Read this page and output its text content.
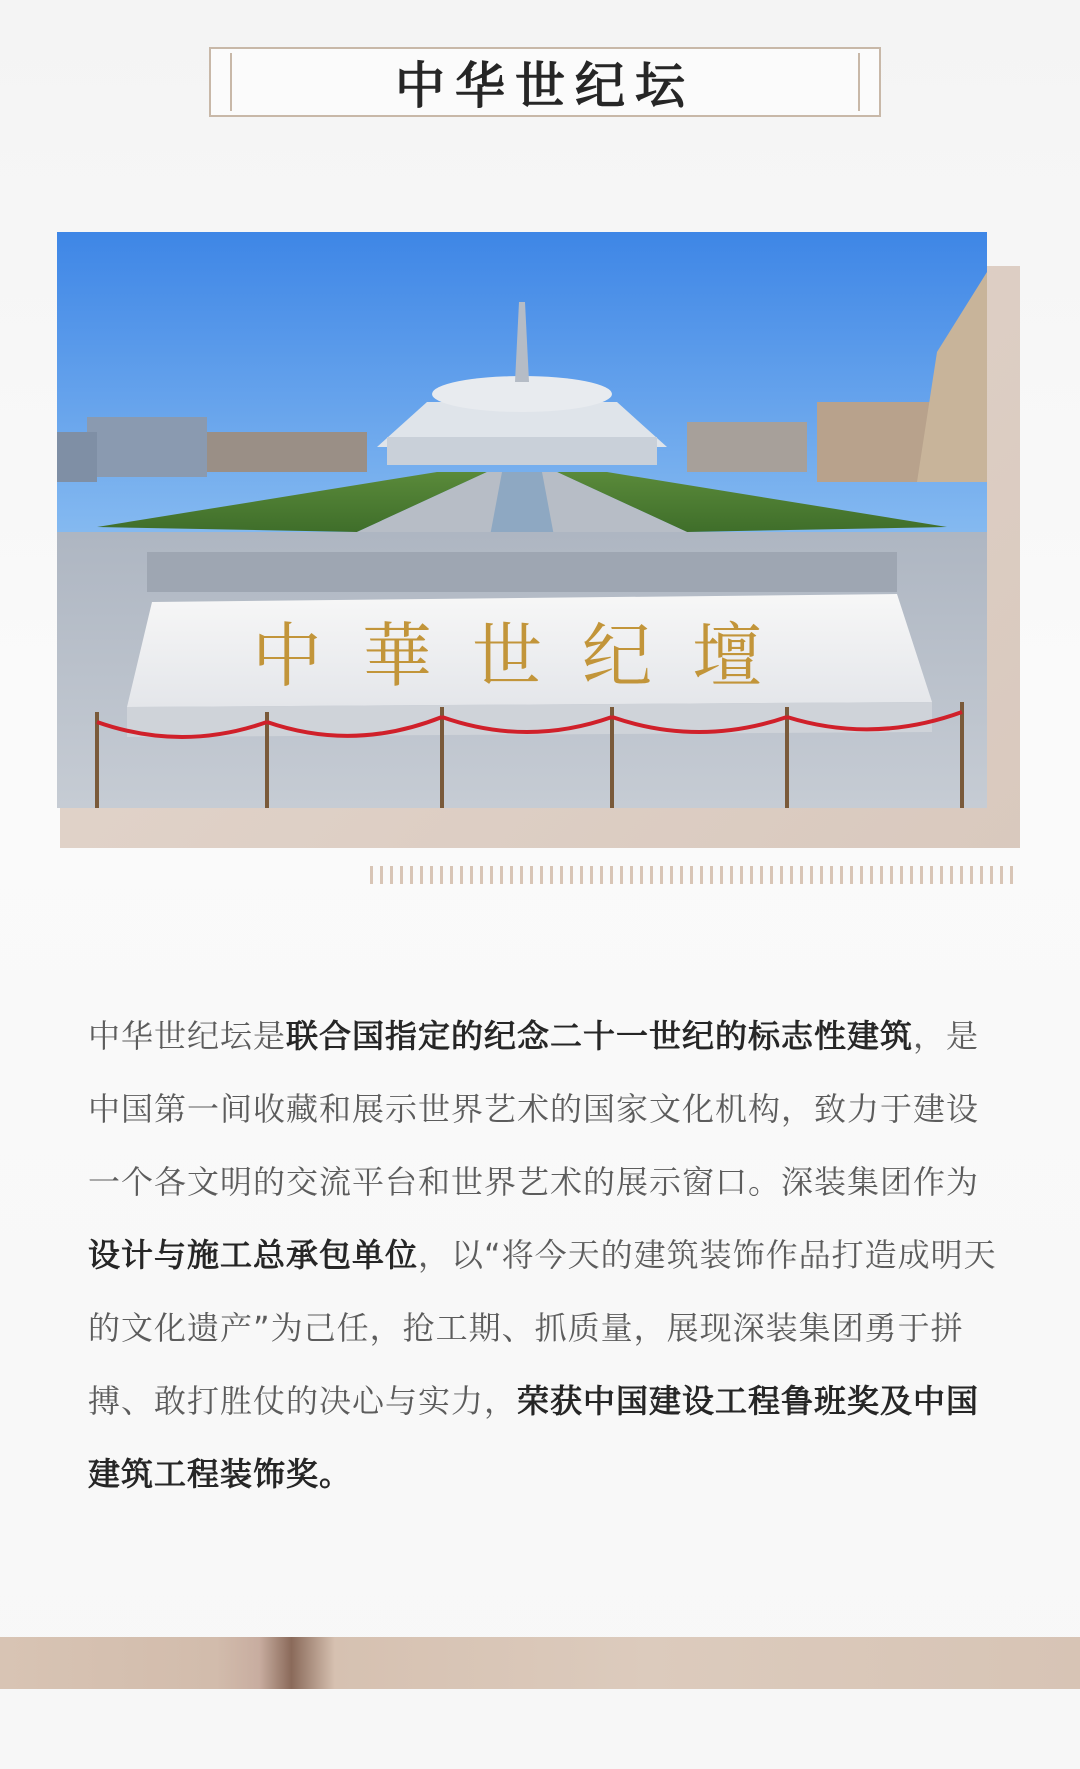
中华世纪坛
中華世纪壇
中华世纪坛是联合国指定的纪念二十一世纪的标志性建筑，是中国第一间收藏和展示世界艺术的国家文化机构，致力于建设一个各文明的交流平台和世界艺术的展示窗口。深装集团作为设计与施工总承包单位，以“将今天的建筑装饰作品打造成明天的文化遗产”为己任，抢工期、抓质量，展现深装集团勇于拼搏、敢打胜仗的决心与实力，荣获中国建设工程鲁班奖及中国建筑工程装饰奖。
